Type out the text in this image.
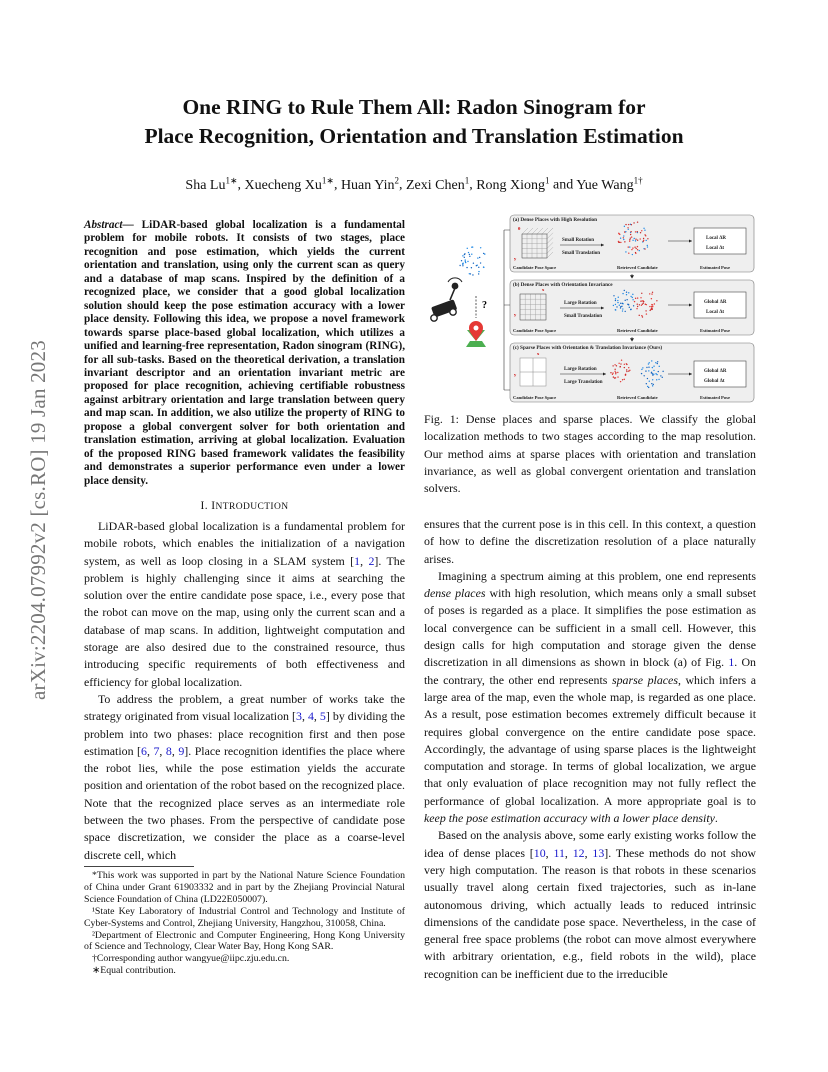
arXiv:2204.07992v2 [cs.RO] 19 Jan 2023
One RING to Rule Them All: Radon Sinogram for
Place Recognition, Orientation and Translation Estimation
Sha $Lu^{1∗}$, Xuecheng $Xu^{1∗}$, Huan Yin$^2$, Zexi Chen$^1$, Rong Xiong$^1$ and Yue Wang$^{1\dagger}$
Abstract— LiDAR-based global localization is a fundamental problem for mobile robots. It consists of two stages, place recognition and pose estimation, which yields the current orientation and translation, using only the current scan as query and a database of map scans. Inspired by the definition of a recognized place, we consider that a good global localization solution should keep the pose estimation accuracy with a lower place density. Following this idea, we propose a novel framework towards sparse place-based global localization, which utilizes a unified and learning-free representation, Radon sinogram (RING), for all sub-tasks. Based on the theoretical derivation, a translation invariant descriptor and an orientation invariant metric are proposed for place recognition, achieving certifiable robustness against arbitrary orientation and large translation between query and map scan. In addition, we also utilize the property of RING to propose a global convergent solver for both orientation and translation estimation, arriving at global localization. Evaluation of the proposed RING based framework validates the feasibility and demonstrates a superior performance even under a lower place density.
I. INTRODUCTION

LiDAR-based global localization is a fundamental problem for mobile robots, which enables the initialization of a navigation system, as well as loop closing in a SLAM system [1, 2]. The problem is highly challenging since it aims at searching the solution over the entire candidate pose space, i.e., every pose that the robot can move on the map, using only the current scan and a database of map scans. In addition, lightweight computation and storage are also desired due to the constrained resource, thus introducing specific requirements of both effectiveness and efficiency for global localization.

To address the problem, a great number of works take the strategy originated from visual localization [3, 4, 5] by dividing the problem into two phases: place recognition first and then pose estimation [6, 7, 8, 9]. Place recognition identifies the place where the robot lies, while the pose estimation yields the accurate position and orientation of the robot based on the recognized place. Note that the recognized place serves as an intermediate role between the two phases. From the perspective of candidate pose space discretization, we consider the place as a coarse-level discrete cell, which

*This work was supported in part by the National Nature Science Foundation of China under Grant 61903332 and in part by the Zhejiang Provincial Natural Science Foundation of China (LD22E050007).

¹State Key Laboratory of Industrial Control and Technology and Institute of Cyber-Systems and Control, Zhejiang University, Hangzhou, 310058, China.

²Department of Electronic and Computer Engineering, Hong Kong University of Science and Technology, Clear Water Bay, Hong Kong SAR.

†Corresponding author wangyue@iipc.zju.edu.cn.

∗Equal contribution.

?
(a) Dense Places with High Resolution
(b) Dense Places with Orientation Invariance
(c) Sparse Places with Orientation & Translation Invariance (Ours)
θ
y
x
y
x
y
Small Rotation
Small Translation
Large Rotation
Small Translation
Large Rotation
Large Translation
Local ΔR
Local Δt
Global ΔR
Local Δt
Global ΔR
Global Δt
Candidate Pose Space	Retrieved Candidate	Estimated Pose
Candidate Pose Space	Retrieved Candidate	Estimated Pose
Candidate Pose Space	Retrieved Candidate	Estimated Pose
Fig. 1: Dense places and sparse places. We classify the global localization methods to two stages according to the map resolution. Our method aims at sparse places with orientation and translation invariance, as well as global convergent orientation and translation solvers.

ensures that the current pose is in this cell. In this context, a question of how to define the discretization resolution of a place naturally arises.

Imagining a spectrum aiming at this problem, one end represents dense places with high resolution, which means only a small subset of poses is regarded as a place. It simplifies the pose estimation as local convergence can be sufficient in a small cell. However, this design calls for high computation and storage given the dense discretization in all dimensions as shown in block (a) of Fig. 1. On the contrary, the other end represents sparse places, which infers a large area of the map, even the whole map, is regarded as one place. As a result, pose estimation becomes extremely difficult because it requires global convergence on the entire candidate pose space. Accordingly, the advantage of using sparse places is the lightweight computation and storage. In terms of global localization, we argue that only evaluation of place recognition may not fully reflect the performance of global localization. A more appropriate goal is to keep the pose estimation accuracy with a lower place density.

Based on the analysis above, some early existing works follow the idea of dense places [10, 11, 12, 13]. These methods do not show very high computation. The reason is that robots in these scenarios usually travel along certain fixed trajectories, such as in-lane autonomous driving, which actually leads to reduced intrinsic dimensions of the candidate pose space. Nevertheless, in the case of general free space problems (the robot can move almost everywhere with arbitrary orientation, e.g., field robots in the wild), place recognition can be inefficient due to the irreducible
